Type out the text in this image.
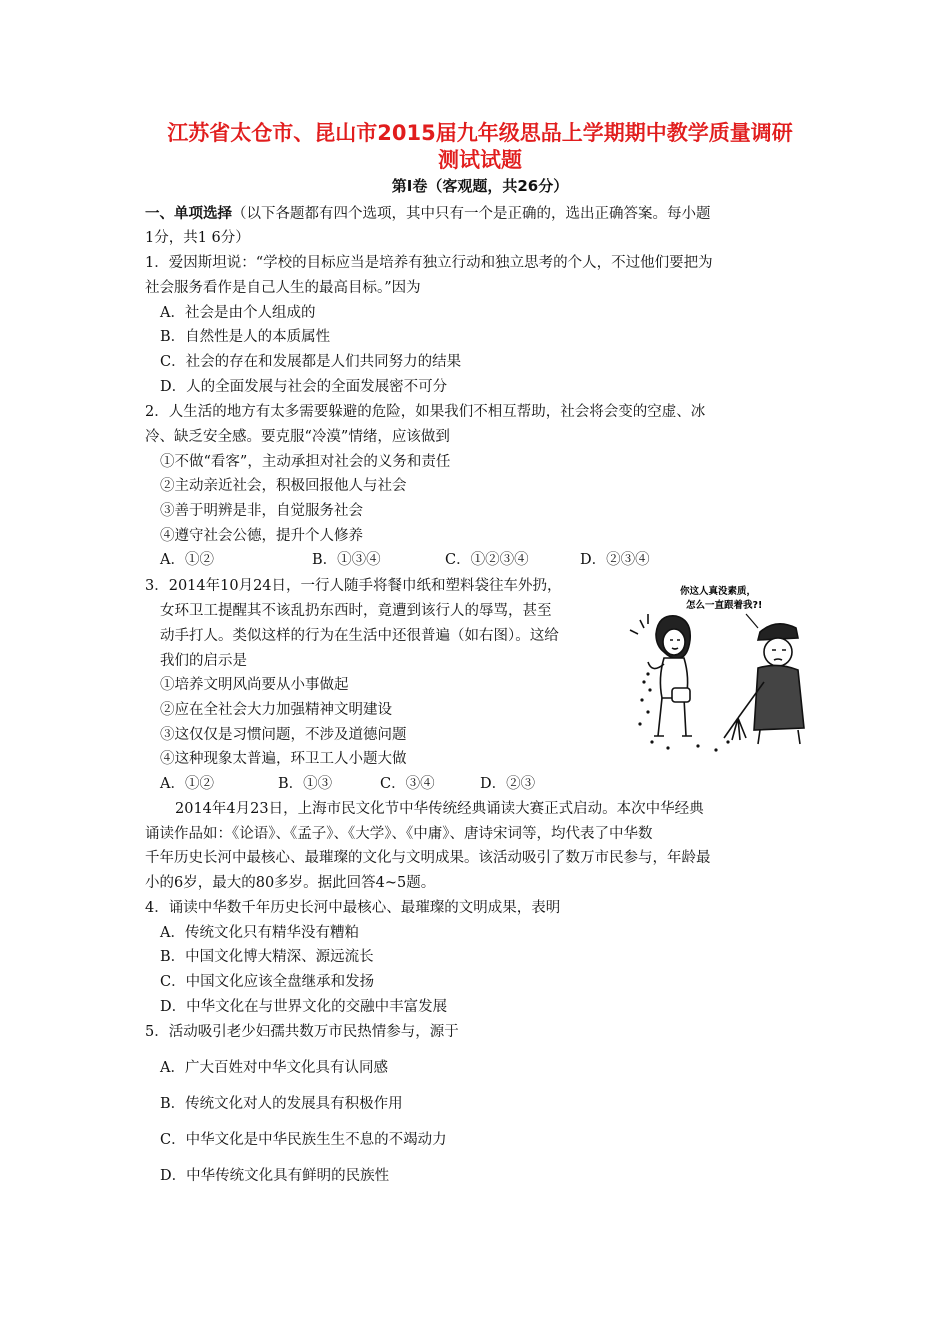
江苏省太仓市、昆山市2015届九年级思品上学期期中教学质量调研
测试试题
第Ⅰ卷（客观题，共26分）
一、单项选择（以下各题都有四个选项，其中只有一个是正确的，选出正确答案。每小题
1分，共1 6分）
1．爱因斯坦说：“学校的目标应当是培养有独立行动和独立思考的个人，不过他们要把为
社会服务看作是自己人生的最高目标。”因为
A．社会是由个人组成的
B．自然性是人的本质属性
C．社会的存在和发展都是人们共同努力的结果
D．人的全面发展与社会的全面发展密不可分
2．人生活的地方有太多需要躲避的危险，如果我们不相互帮助，社会将会变的空虚、冰
冷、缺乏安全感。要克服“冷漠”情绪，应该做到
①不做“看客”，主动承担对社会的义务和责任
②主动亲近社会，积极回报他人与社会
③善于明辨是非，自觉服务社会
④遵守社会公德，提升个人修养
A．①②	B．①③④	C．①②③④	D．②③④
3．2014年10月24日，一行人随手将餐巾纸和塑料袋往车外扔，
女环卫工提醒其不该乱扔东西时，竟遭到该行人的辱骂，甚至
动手打人。类似这样的行为在生活中还很普遍（如右图）。这给
我们的启示是
①培养文明风尚要从小事做起
②应在全社会大力加强精神文明建设
③这仅仅是习惯问题，不涉及道德问题
④这种现象太普遍，环卫工人小题大做
A．①②	B．①③	C．③④	D．②③
你这人真没素质，
怎么一直跟着我?!
2014年4月23日，上海市民文化节中华传统经典诵读大赛正式启动。本次中华经典
诵读作品如：《论语》、《孟子》、《大学》、《中庸》、唐诗宋词等，均代表了中华数
千年历史长河中最核心、最璀璨的文化与文明成果。该活动吸引了数万市民参与，年龄最
小的6岁，最大的80多岁。据此回答4~5题。
4．诵读中华数千年历史长河中最核心、最璀璨的文明成果，表明
A．传统文化只有精华没有糟粕
B．中国文化博大精深、源远流长
C．中国文化应该全盘继承和发扬
D．中华文化在与世界文化的交融中丰富发展
5．活动吸引老少妇孺共数万市民热情参与，源于
A．广大百姓对中华文化具有认同感
B．传统文化对人的发展具有积极作用
C．中华文化是中华民族生生不息的不竭动力
D．中华传统文化具有鲜明的民族性
